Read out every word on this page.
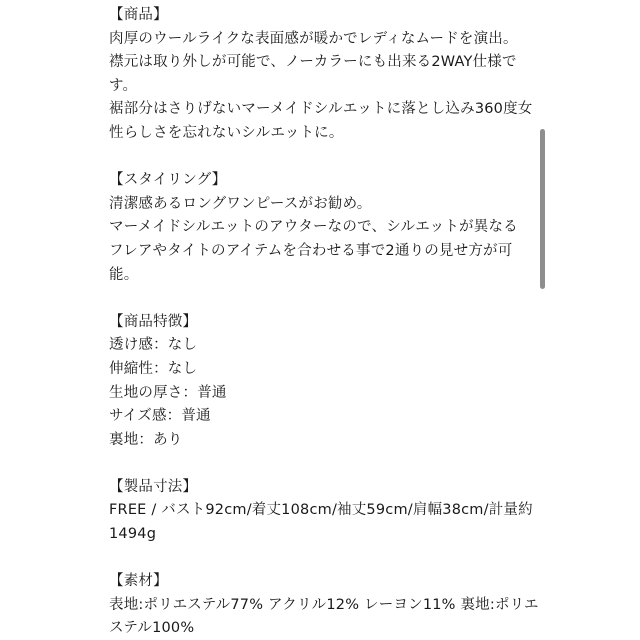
【商品】
肉厚のウールライクな表面感が暖かでレディなムードを演出。
襟元は取り外しが可能で、ノーカラーにも出来る2WAY仕様で
す。
裾部分はさりげないマーメイドシルエットに落とし込み360度女
性らしさを忘れないシルエットに。
【スタイリング】
清潔感あるロングワンピースがお勧め。
マーメイドシルエットのアウターなので、シルエットが異なる
フレアやタイトのアイテムを合わせる事で2通りの見せ方が可
能。
【商品特徴】
透け感：なし
伸縮性：なし
生地の厚さ：普通
サイズ感：普通
裏地：あり
【製品寸法】
FREE / バスト92cm/着丈108cm/袖丈59cm/肩幅38cm/計量約
1494g
【素材】
表地:ポリエステル77% アクリル12% レーヨン11% 裏地:ポリエ
ステル100%
